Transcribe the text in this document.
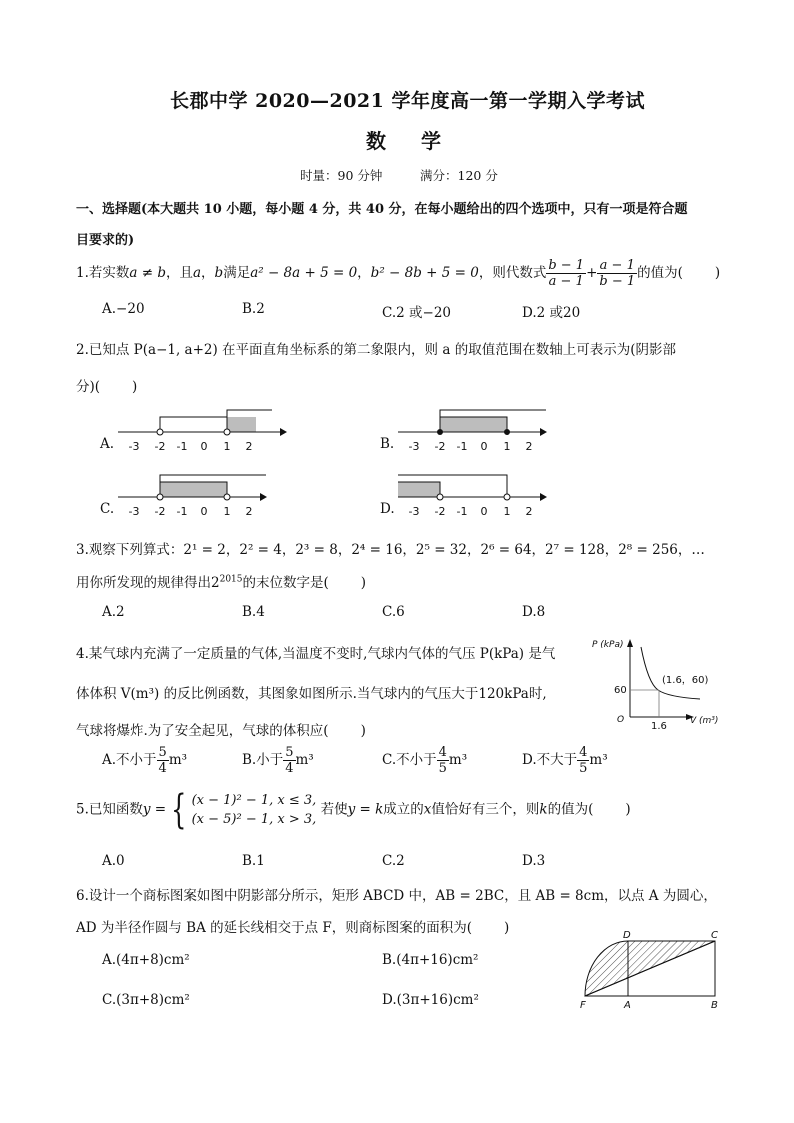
长郡中学 2020—2021 学年度高一第一学期入学考试
数 学
时量：90 分钟	满分：120 分
一、选择题(本大题共 10 小题，每小题 4 分，共 40 分，在每小题给出的四个选项中，只有一项是符合题
目要求的)
1.若实数a ≠ b，且a，b满足a² − 8a + 5 = 0，b² − 8b + 5 = 0，则代数式 $\frac{b - 1}{a - 1} + \frac{a - 1}{b - 1}$ 的值为( )
A.−20	B.2	C.2 或−20	D.2 或20
2.已知点 P(a−1, a+2) 在平面直角坐标系的第二象限内，则 a 的取值范围在数轴上可表示为(阴影部
分)( )
A. -3 -2 -1 0 1 2	B. -3 -2 -1 0 1 2
C. -3 -2 -1 0 1 2	D. -3 -2 -1 0 1 2
3.观察下列算式：2¹ = 2，2² = 4，2³ = 8，2⁴ = 16，2⁵ = 32，2⁶ = 64，2⁷ = 128，2⁸ = 256，…
用你所发现的规律得出$2^{2015}$的末位数字是( )
A.2	B.4	C.6	D.8
4.某气球内充满了一定质量的气体,当温度不变时,气球内气体的气压 P(kPa) 是气
体体积 V(m³) 的反比例函数，其图象如图所示.当气球内的气压大于120kPa时,
气球将爆炸.为了安全起见，气球的体积应( )
P (kPa)
V (m³)
O
(1.6，60)
60
1.6
A.不小于 $\frac{5}{4} m^3$	B.小于 $\frac{5}{4} m^3$	C.不小于 $\frac{4}{5} m^3$	D.不大于 $\frac{4}{5} m^3$
5.已知函数y = { (x − 1)² − 1, x ≤ 3,
(x − 5)² − 1, x > 3, 若使y = k成立的x值恰好有三个，则k的值为( )
A.0	B.1	C.2	D.3
6.设计一个商标图案如图中阴影部分所示，矩形 ABCD 中，AB = 2BC，且 AB = 8cm，以点 A 为圆心，
AD 为半径作圆与 BA 的延长线相交于点 F，则商标图案的面积为( )
A.(4π+8)cm²	B.(4π+16)cm²
C.(3π+8)cm²	D.(3π+16)cm²
D	C
F	A	B
